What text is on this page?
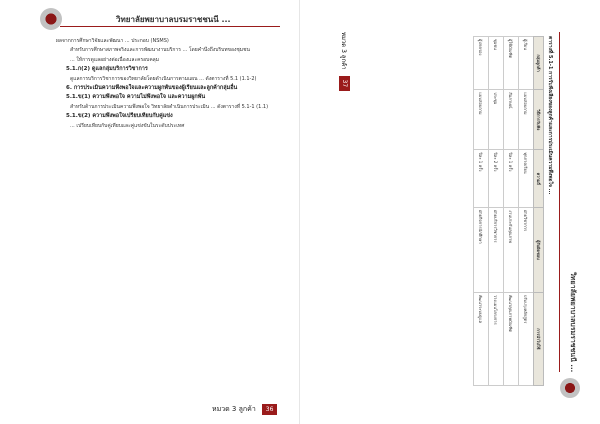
วิทยาลัยพยาบาลบรมราชชนนี ...

ผลจากการศึกษาวิจัยและพัฒนา ... ประกอบ (NSMS)

สำหรับการศึกษาสภาพจริงและการพัฒนางานบริการ ... โดยคำนึงถึงบริบทของชุมชน

... ให้การดูแลอย่างต่อเนื่องและครอบคลุม

5.1.ก(2) ดูแลกลุ่มบริการวิชาการ

ดูแลการบริการวิชาการของวิทยาลัยโดยดำเนินการตามแผน ... ดังตารางที่ 5.1 (1.1-2)

6. การประเมินความพึงพอใจและความผูกพันของผู้เรียนและลูกค้ากลุ่มอื่น
5.1.ข(1) ความพึงพอใจ ความไม่พึงพอใจ และความผูกพัน

สำหรับด้านการประเมินความพึงพอใจ วิทยาลัยดำเนินการประเมิน ... ดังตารางที่ 5.1-1 (1.1)

5.1.ข(2) ความพึงพอใจเปรียบเทียบกับคู่แข่ง

... เปรียบเทียบกับคู่เทียบและคู่แข่งขันในระดับประเทศ

หมวด 3 ลูกค้า	36
วิทยาลัยพยาบาลบรมราชชนนี ...
ตารางที่ 5.1-1 การรับฟังเสียงของลูกค้าและการประเมินความพึงพอใจ ...
กลุ่มลูกค้า	วิธีการรับฟัง	ความถี่	ผู้รับผิดชอบ	การนำไปใช้
ผู้เรียน	แบบสอบถาม	ทุกภาคเรียน	ฝ่ายวิชาการ	ปรับปรุงหลักสูตร
ผู้ใช้บัณฑิต	สัมภาษณ์	ปีละ 1 ครั้ง	งานประกันคุณภาพ	พัฒนาคุณภาพบัณฑิต
ชุมชน	ประชุม	ปีละ 2 ครั้ง	ฝ่ายบริการวิชาการ	วางแผนโครงการ
ผู้ปกครอง	แบบสอบถาม	ปีละ 1 ครั้ง	ฝ่ายกิจการนักศึกษา	พัฒนาระบบดูแล
หมวด 3 ลูกค้า
37
